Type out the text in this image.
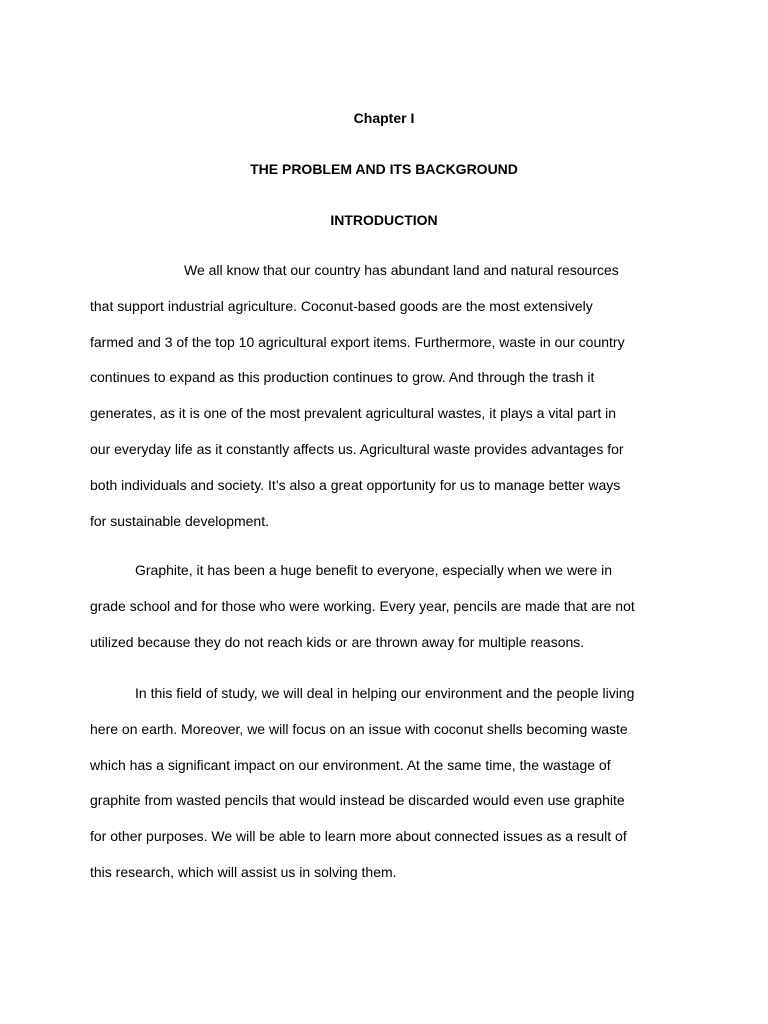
Chapter I
THE PROBLEM AND ITS BACKGROUND
INTRODUCTION

We all know that our country has abundant land and natural resources
that support industrial agriculture. Coconut-based goods are the most extensively
farmed and 3 of the top 10 agricultural export items. Furthermore, waste in our country
continues to expand as this production continues to grow. And through the trash it
generates, as it is one of the most prevalent agricultural wastes, it plays a vital part in
our everyday life as it constantly affects us. Agricultural waste provides advantages for
both individuals and society. It’s also a great opportunity for us to manage better ways
for sustainable development.

Graphite, it has been a huge benefit to everyone, especially when we were in
grade school and for those who were working. Every year, pencils are made that are not
utilized because they do not reach kids or are thrown away for multiple reasons.

In this field of study, we will deal in helping our environment and the people living
here on earth. Moreover, we will focus on an issue with coconut shells becoming waste
which has a significant impact on our environment. At the same time, the wastage of
graphite from wasted pencils that would instead be discarded would even use graphite
for other purposes. We will be able to learn more about connected issues as a result of
this research, which will assist us in solving them.
